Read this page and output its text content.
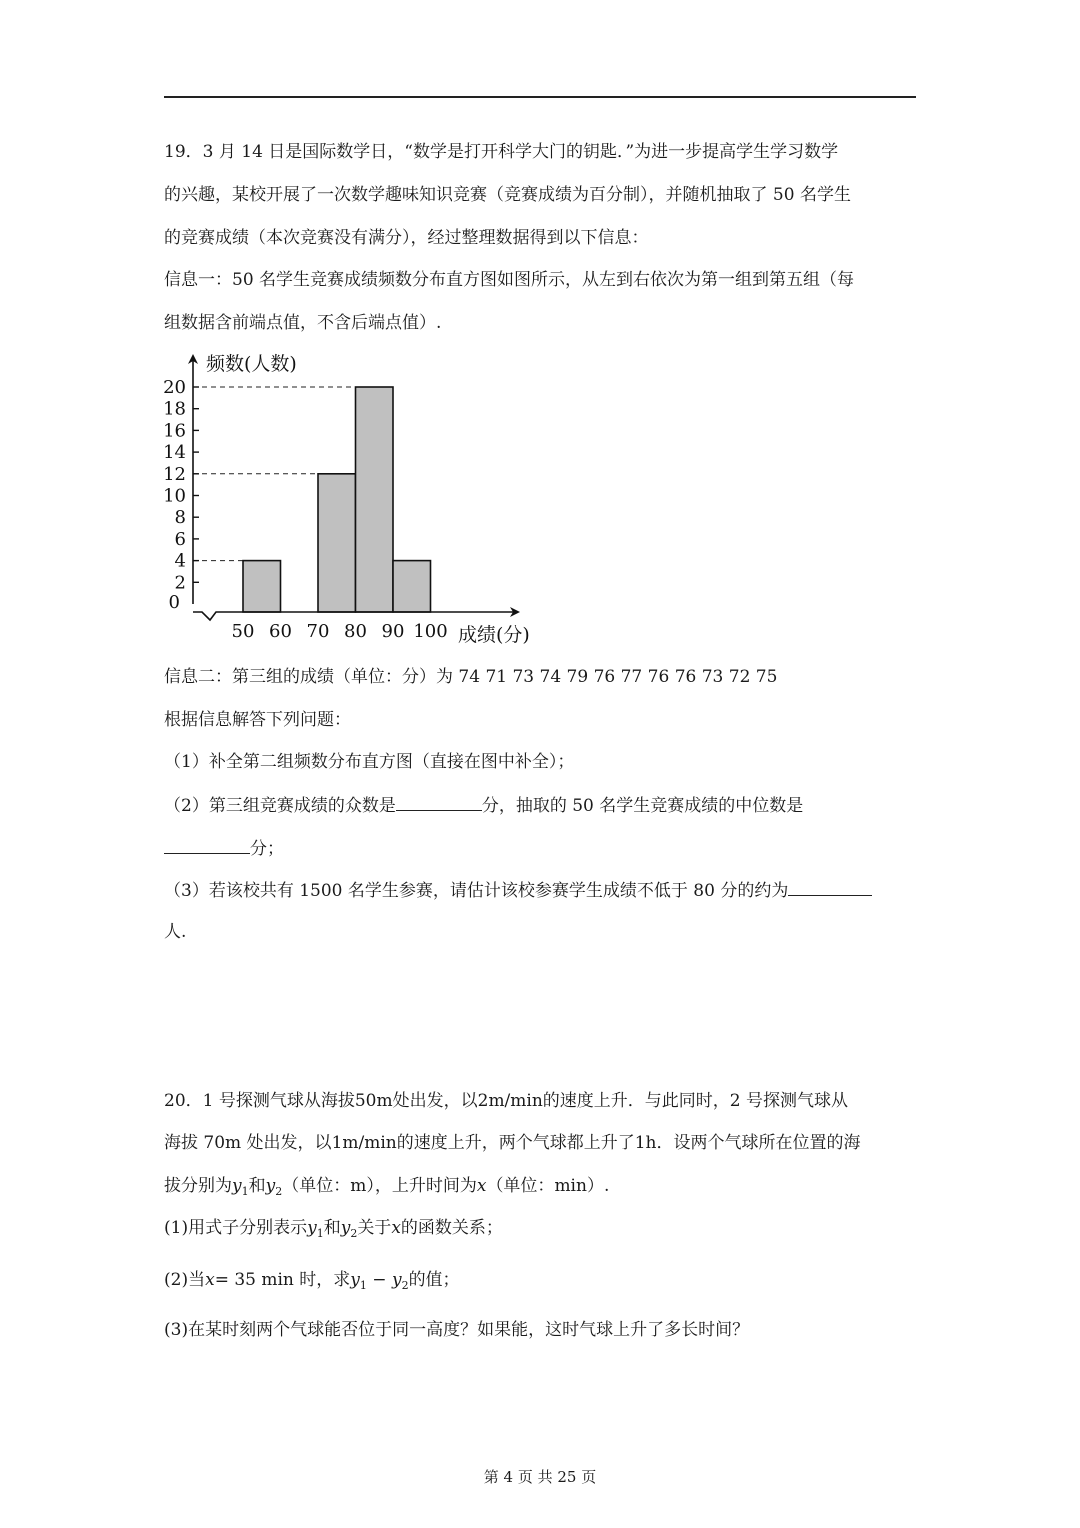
19．3 月 14 日是国际数学日，“数学是打开科学大门的钥匙．”为进一步提高学生学习数学
的兴趣，某校开展了一次数学趣味知识竞赛（竞赛成绩为百分制），并随机抽取了 50 名学生
的竞赛成绩（本次竞赛没有满分），经过整理数据得到以下信息：
信息一：50 名学生竞赛成绩频数分布直方图如图所示，从左到右依次为第一组到第五组（每
组数据含前端点值，不含后端点值）.
0
2
4
6
8
10
12
14
16
18
20
50 60 70 80 90 100
频数(人数)
成绩(分)
信息二：第三组的成绩（单位：分）为 74 71 73 74 79 76 77 76 76 73 72 75
根据信息解答下列问题：
（1）补全第二组频数分布直方图（直接在图中补全）；
（2）第三组竞赛成绩的众数是	分，抽取的 50 名学生竞赛成绩的中位数是
分；
（3）若该校共有 1500 名学生参赛，请估计该校参赛学生成绩不低于 80 分的约为
人.
20．1 号探测气球从海拔50m处出发，以2m/min的速度上升．与此同时，2 号探测气球从
海拔 70m 处出发，以1m/min的速度上升，两个气球都上升了1h．设两个气球所在位置的海
拔分别为$y_1$和$y_2$（单位：m），上升时间为x（单位：min）.
(1)用式子分别表示$y_1$和$y_2$关于x的函数关系；
(2)当x= 35 min 时，求$y_1 - y_2$的值；
(3)在某时刻两个气球能否位于同一高度？如果能，这时气球上升了多长时间？
第 4 页 共 25 页
